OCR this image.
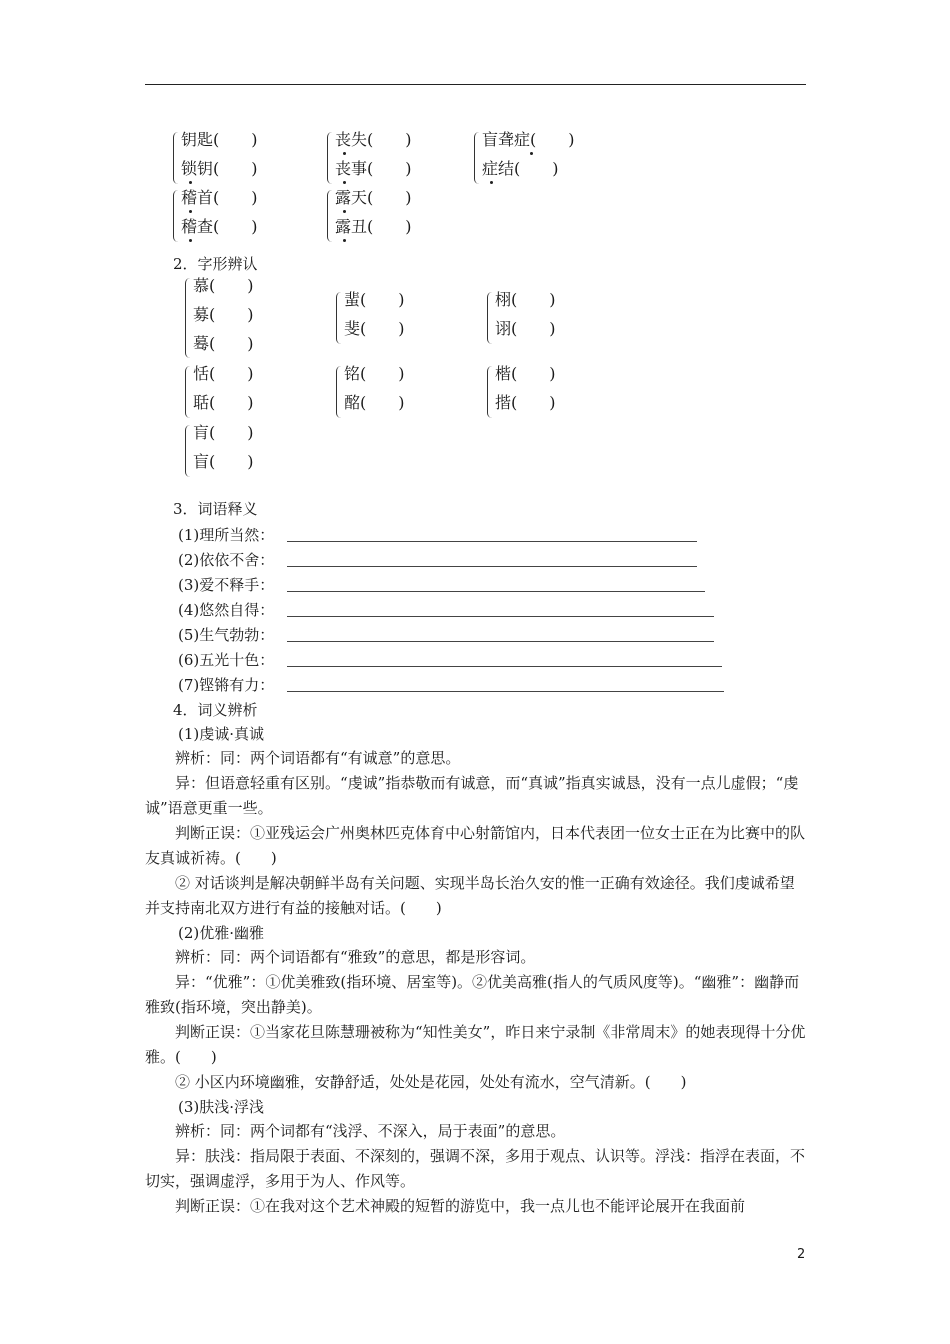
钥匙(　　)
锁钥(　　)
丧失(　　)
丧事(　　)
盲聋症(　　)
症结(　　)
稽首(　　)
稽查(　　)
露天(　　)
露丑(　　)
2．字形辨认
慕(　　)
募(　　)
蓦(　　)
蜚(　　)
斐(　　)
栩(　　)
诩(　　)
恬(　　)
聒(　　)
铭(　　)
酩(　　)
楷(　　)
揩(　　)
肓(　　)
盲(　　)
3．词语释义
(1)理所当然：
(2)依依不舍：
(3)爱不释手：
(4)悠然自得：
(5)生气勃勃：
(6)五光十色：
(7)铿锵有力：
4．词义辨析
(1)虔诚·真诚
辨析：同：两个词语都有“有诚意”的意思。
异：但语意轻重有区别。“虔诚”指恭敬而有诚意，而“真诚”指真实诚恳，没有一点儿虚假；“虔诚”语意更重一些。
判断正误：①亚残运会广州奥林匹克体育中心射箭馆内，日本代表团一位女士正在为比赛中的队友真诚祈祷。(　　)
② 对话谈判是解决朝鲜半岛有关问题、实现半岛长治久安的惟一正确有效途径。我们虔诚希望并支持南北双方进行有益的接触对话。(　　)
(2)优雅·幽雅
辨析：同：两个词语都有“雅致”的意思，都是形容词。
异：“优雅”：①优美雅致(指环境、居室等)。②优美高雅(指人的气质风度等)。“幽雅”：幽静而雅致(指环境，突出静美)。
判断正误：①当家花旦陈慧珊被称为“知性美女”，昨日来宁录制《非常周末》的她表现得十分优雅。(　　)
② 小区内环境幽雅，安静舒适，处处是花园，处处有流水，空气清新。(　　)
(3)肤浅·浮浅
辨析：同：两个词都有“浅浮、不深入，局于表面”的意思。
异：肤浅：指局限于表面、不深刻的，强调不深，多用于观点、认识等。浮浅：指浮在表面，不切实，强调虚浮，多用于为人、作风等。
判断正误：①在我对这个艺术神殿的短暂的游览中，我一点儿也不能评论展开在我面前
2
